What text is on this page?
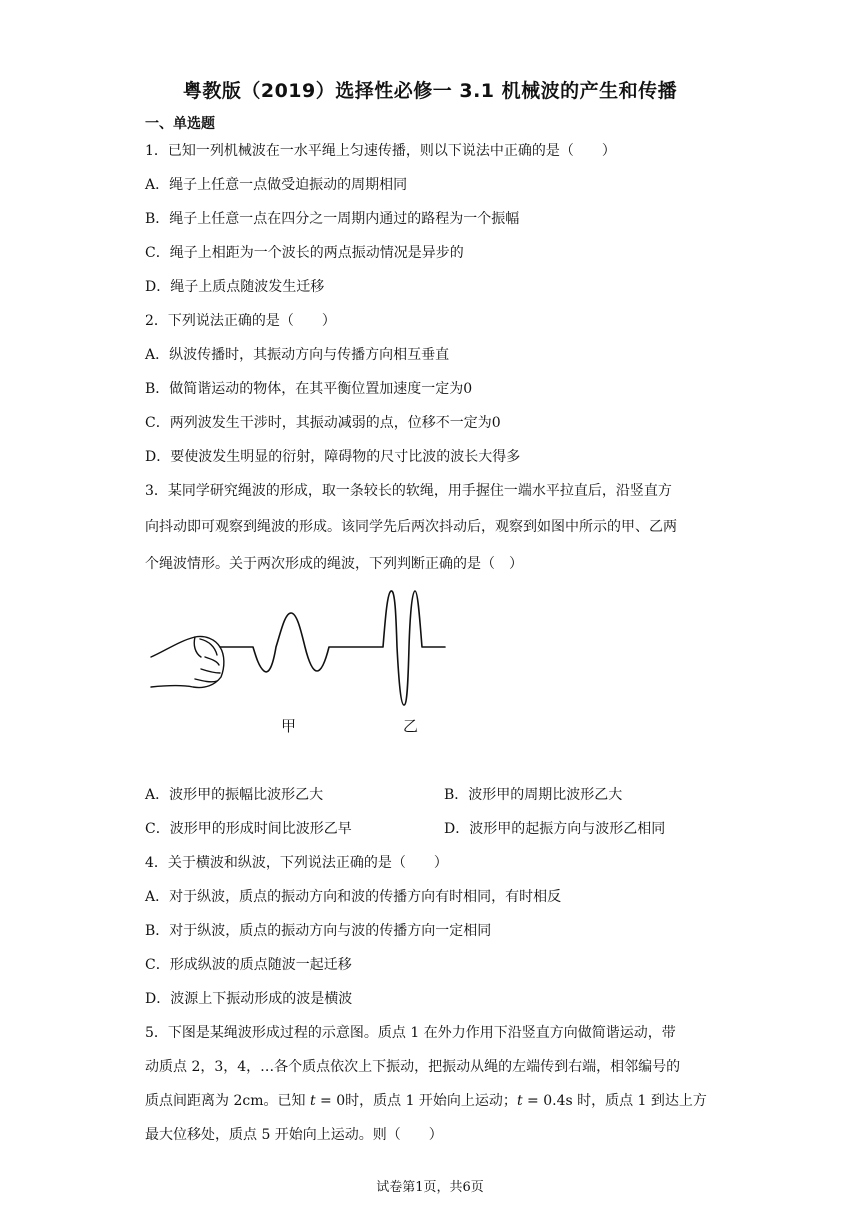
粤教版（2019）选择性必修一 3.1 机械波的产生和传播
一、单选题
1．已知一列机械波在一水平绳上匀速传播，则以下说法中正确的是（　　）
A．绳子上任意一点做受迫振动的周期相同
B．绳子上任意一点在四分之一周期内通过的路程为一个振幅
C．绳子上相距为一个波长的两点振动情况是异步的
D．绳子上质点随波发生迁移
2．下列说法正确的是（　　）
A．纵波传播时，其振动方向与传播方向相互垂直
B．做简谐运动的物体，在其平衡位置加速度一定为0
C．两列波发生干涉时，其振动减弱的点，位移不一定为0
D．要使波发生明显的衍射，障碍物的尺寸比波的波长大得多
3．某同学研究绳波的形成，取一条较长的软绳，用手握住一端水平拉直后，沿竖直方
向抖动即可观察到绳波的形成。该同学先后两次抖动后，观察到如图中所示的甲、乙两
个绳波情形。关于两次形成的绳波，下列判断正确的是（　）
甲	乙
A．波形甲的振幅比波形乙大	B．波形甲的周期比波形乙大
C．波形甲的形成时间比波形乙早	D．波形甲的起振方向与波形乙相同
4．关于横波和纵波，下列说法正确的是（　　）
A．对于纵波，质点的振动方向和波的传播方向有时相同，有时相反
B．对于纵波，质点的振动方向与波的传播方向一定相同
C．形成纵波的质点随波一起迁移
D．波源上下振动形成的波是横波
5．下图是某绳波形成过程的示意图。质点 1 在外力作用下沿竖直方向做简谐运动，带
动质点 2，3，4，…各个质点依次上下振动，把振动从绳的左端传到右端，相邻编号的
质点间距离为 2cm。已知 t = 0时，质点 1 开始向上运动；t = 0.4s 时，质点 1 到达上方
最大位移处，质点 5 开始向上运动。则（　　）
试卷第1页，共6页
